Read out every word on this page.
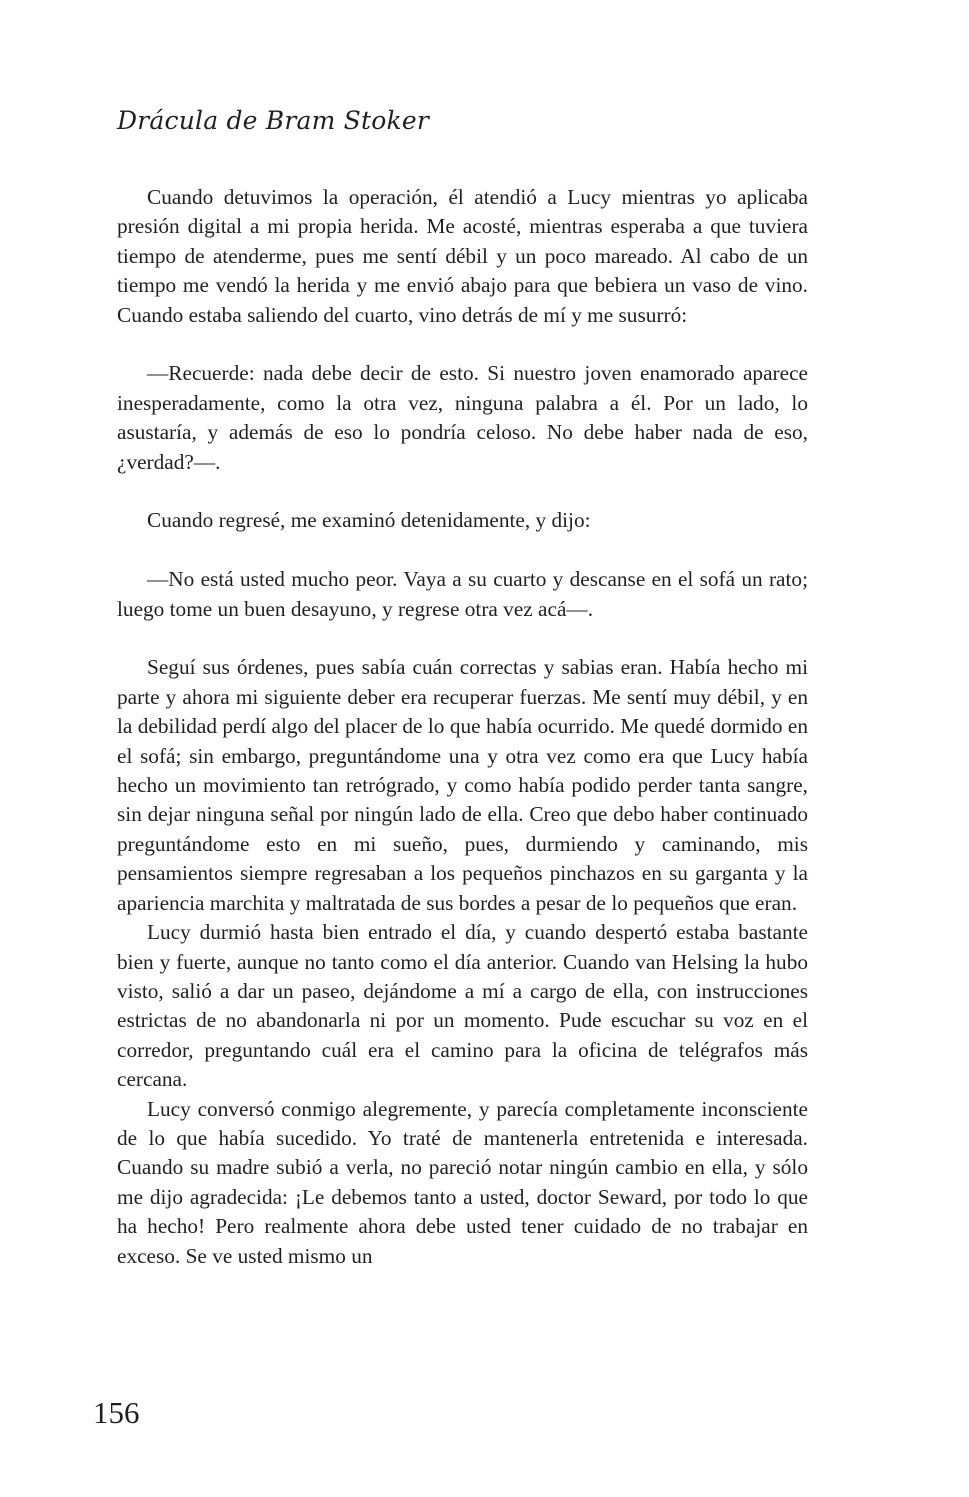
Drácula de Bram Stoker

Cuando detuvimos la operación, él atendió a Lucy mientras yo aplicaba presión digital a mi propia herida. Me acosté, mientras esperaba a que tuviera tiempo de atenderme, pues me sentí débil y un poco mareado. Al cabo de un tiempo me vendó la herida y me envió abajo para que bebiera un vaso de vino. Cuando estaba saliendo del cuarto, vino detrás de mí y me susurró:

—Recuerde: nada debe decir de esto. Si nuestro joven enamorado aparece inesperadamente, como la otra vez, ninguna palabra a él. Por un lado, lo asustaría, y además de eso lo pondría celoso. No debe haber nada de eso, ¿verdad?—.

Cuando regresé, me examinó detenidamente, y dijo:

—No está usted mucho peor. Vaya a su cuarto y descanse en el sofá un rato; luego tome un buen desayuno, y regrese otra vez acá—.

Seguí sus órdenes, pues sabía cuán correctas y sabias eran. Había hecho mi parte y ahora mi siguiente deber era recuperar fuerzas. Me sentí muy débil, y en la debilidad perdí algo del placer de lo que había ocurrido. Me quedé dormido en el sofá; sin embargo, preguntándome una y otra vez como era que Lucy había hecho un movimiento tan retrógrado, y como había podido perder tanta sangre, sin dejar ninguna señal por ningún lado de ella. Creo que debo haber continuado preguntándome esto en mi sueño, pues, durmiendo y caminando, mis pensamientos siempre regresaban a los pequeños pinchazos en su garganta y la apariencia marchita y maltratada de sus bordes a pesar de lo pequeños que eran.

Lucy durmió hasta bien entrado el día, y cuando despertó estaba bastante bien y fuerte, aunque no tanto como el día anterior. Cuando van Helsing la hubo visto, salió a dar un paseo, dejándome a mí a cargo de ella, con instrucciones estrictas de no abandonarla ni por un momento. Pude escuchar su voz en el corredor, preguntando cuál era el camino para la oficina de telégrafos más cercana.

Lucy conversó conmigo alegremente, y parecía completamente inconsciente de lo que había sucedido. Yo traté de mantenerla entretenida e interesada. Cuando su madre subió a verla, no pareció notar ningún cambio en ella, y sólo me dijo agradecida: ¡Le debemos tanto a usted, doctor Seward, por todo lo que ha hecho! Pero realmente ahora debe usted tener cuidado de no trabajar en exceso. Se ve usted mismo un

156
